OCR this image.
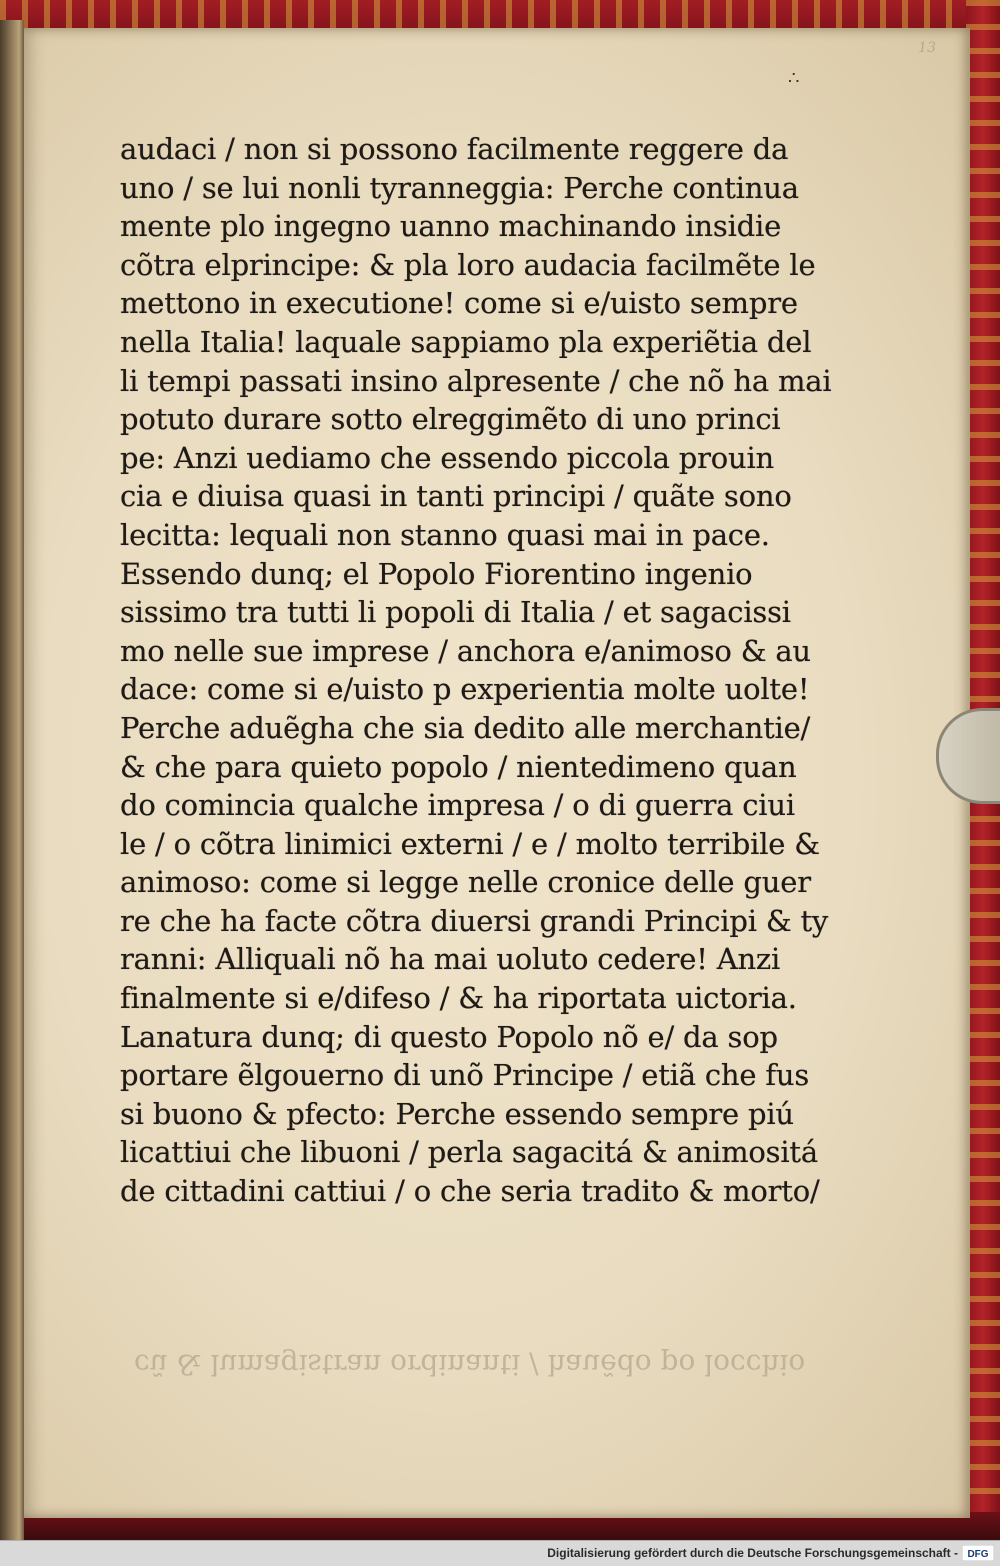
13
∴
audaci / non si possono facilmente reggere da
uno / se lui nonli tyranneggia: Perche continua
mente plo ingegno uanno machinando insidie
cõtra elprincipe: & pla loro audacia facilmẽte le
mettono in executione! come si e/uisto sempre
nella Italia! laquale sappiamo pla experiẽtia del
li tempi passati insino alpresente / che nõ ha mai
potuto durare sotto elreggimẽto di uno princi
pe: Anzi uediamo che essendo piccola prouin
cia e diuisa quasi in tanti principi / quãte sono
lecitta: lequali non stanno quasi mai in pace.
Essendo dunq; el Popolo Fiorentino ingenio
sissimo tra tutti li popoli di Italia / et sagacissi
mo nelle sue imprese / anchora e/animoso & au
dace: come si e/uisto p experientia molte uolte!
Perche aduẽgha che sia dedito alle merchantie/
& che para quieto popolo / nientedimeno quan
do comincia qualche impresa / o di guerra ciui
le / o cõtra linimici externi / e / molto terribile &
animoso: come si legge nelle cronice delle guer
re che ha facte cõtra diuersi grandi Principi & ty
ranni: Alliquali nõ ha mai uoluto cedere! Anzi
finalmente si e/difeso / & ha riportata uictoria.
Lanatura dunq; di questo Popolo nõ e/ da sop
portare ẽlgouerno di unõ Principe / etiã che fus
si buono & pfecto: Perche essendo sempre piú
licattiui che libuoni / perla sagacitá & animositá
de cittadini cattiui / o che seria tradito & morto/
cũ & lumagistran ordinanti / hauẽdo po locchio
Digitalisierung gefördert durch die Deutsche Forschungsgemeinschaft - DFG
